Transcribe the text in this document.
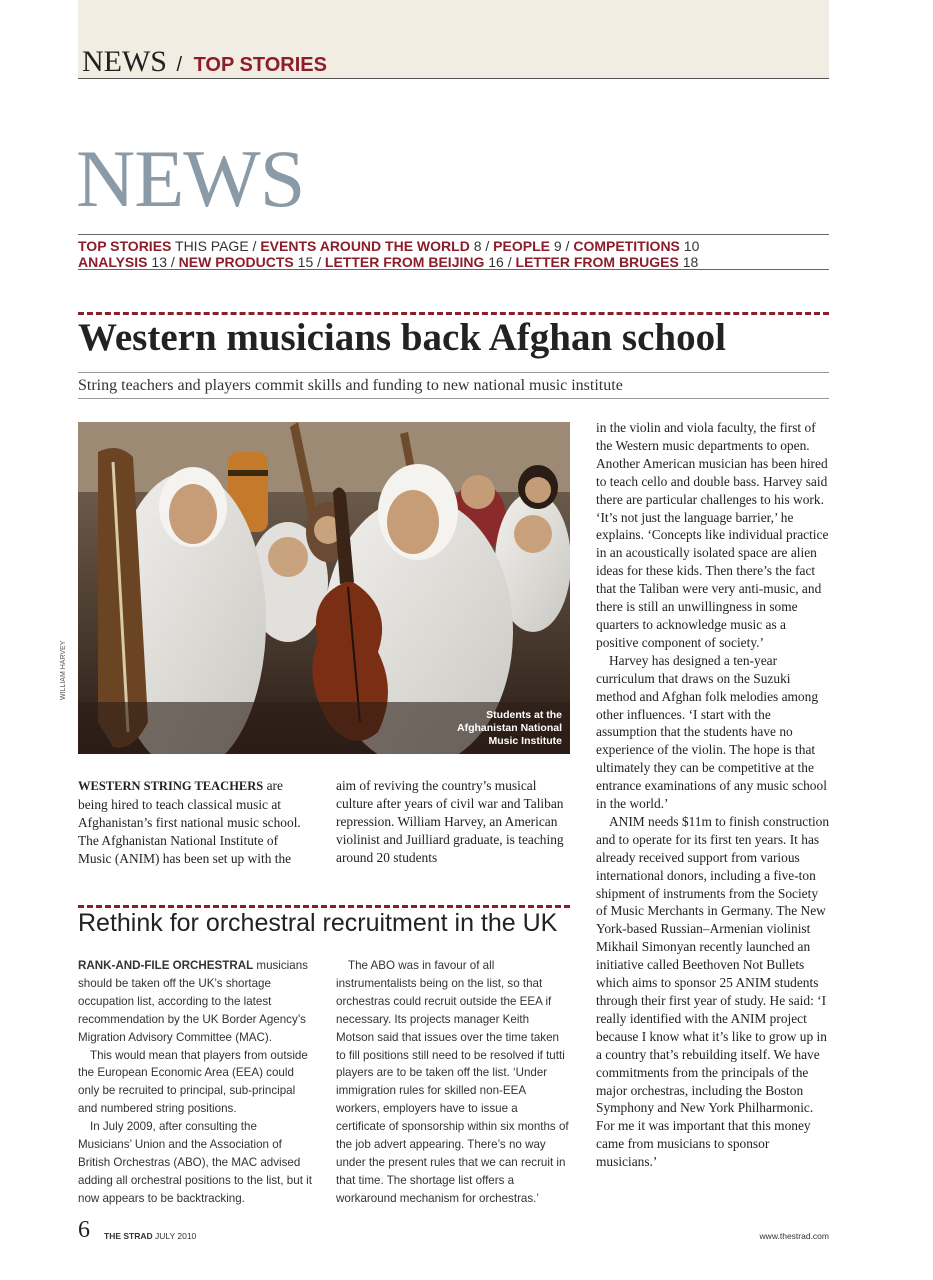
NEWS / TOP STORIES
NEWS
TOP STORIES THIS PAGE / EVENTS AROUND THE WORLD 8 / PEOPLE 9 / COMPETITIONS 10
ANALYSIS 13 / NEW PRODUCTS 15 / LETTER FROM BEIJING 16 / LETTER FROM BRUGES 18
Western musicians back Afghan school
String teachers and players commit skills and funding to new national music institute
Students at the
Afghanistan National
Music Institute
WILLIAM HARVEY

WESTERN STRING TEACHERS are being hired to teach classical music at Afghanistan’s first national music school. The Afghanistan National Institute of Music (ANIM) has been set up with the

aim of reviving the country’s musical culture after years of civil war and Taliban repression. William Harvey, an American violinist and Juilliard graduate, is teaching around 20 students

in the violin and viola faculty, the first of the Western music departments to open. Another American musician has been hired to teach cello and double bass. Harvey said there are particular challenges to his work. ‘It’s not just the language barrier,’ he explains. ‘Concepts like individual practice in an acoustically isolated space are alien ideas for these kids. Then there’s the fact that the Taliban were very anti-music, and there is still an unwillingness in some quarters to acknowledge music as a positive component of society.’

Harvey has designed a ten-year curriculum that draws on the Suzuki method and Afghan folk melodies among other influences. ‘I start with the assumption that the students have no experience of the violin. The hope is that ultimately they can be competitive at the entrance examinations of any music school in the world.’

ANIM needs $11m to finish construction and to operate for its first ten years. It has already received support from various international donors, including a five-ton shipment of instruments from the Society of Music Merchants in Germany. The New York-based Russian–Armenian violinist Mikhail Simonyan recently launched an initiative called Beethoven Not Bullets which aims to sponsor 25 ANIM students through their first year of study. He said: ‘I really identified with the ANIM project because I know what it’s like to grow up in a country that’s rebuilding itself. We have commitments from the principals of the major orchestras, including the Boston Symphony and New York Philharmonic. For me it was important that this money came from musicians to sponsor musicians.’

Rethink for orchestral recruitment in the UK

RANK-AND-FILE ORCHESTRAL musicians should be taken off the UK’s shortage occupation list, according to the latest recommendation by the UK Border Agency’s Migration Advisory Committee (MAC).

This would mean that players from outside the European Economic Area (EEA) could only be recruited to principal, sub-principal and numbered string positions.

In July 2009, after consulting the Musicians’ Union and the Association of British Orchestras (ABO), the MAC advised adding all orchestral positions to the list, but it now appears to be backtracking.

The ABO was in favour of all instrumentalists being on the list, so that orchestras could recruit outside the EEA if necessary. Its projects manager Keith Motson said that issues over the time taken to fill positions still need to be resolved if tutti players are to be taken off the list. ‘Under immigration rules for skilled non-EEA workers, employers have to issue a certificate of sponsorship within six months of the job advert appearing. There’s no way under the present rules that we can recruit in that time. The shortage list offers a workaround mechanism for orchestras.’

6 THE STRAD JULY 2010	www.thestrad.com
